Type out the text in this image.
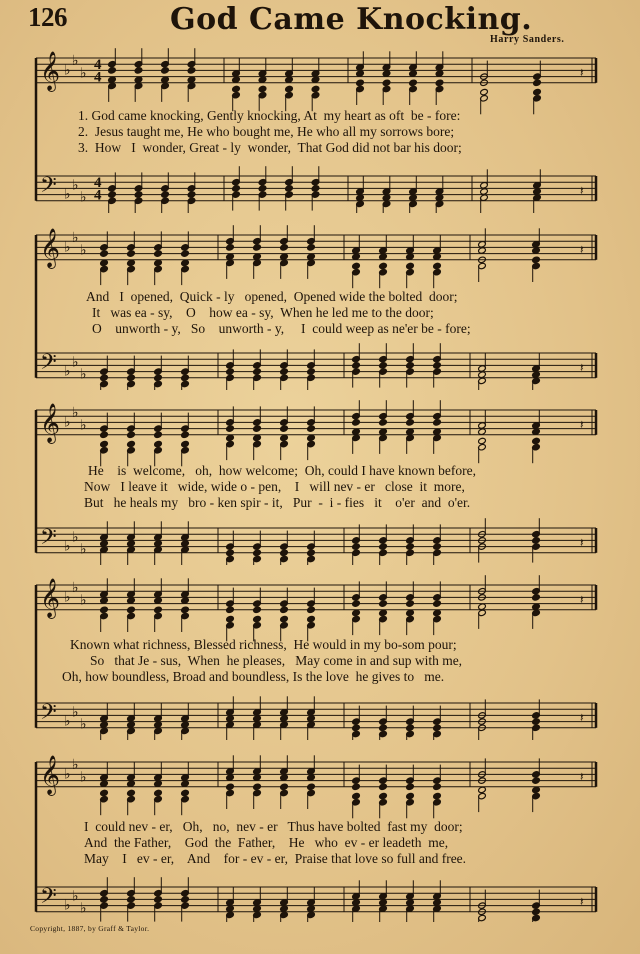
126	God Came Knocking.
Harry Sanders.
𝄞
𝄢
♭
♭
♭
♭
♭
♭
4
4
4
4
𝄽
𝄽
1. God came knocking, Gently knocking, At  my heart as oft  be - fore:
2.  Jesus taught me, He who bought me, He who all my sorrows bore;
3.  How   I  wonder, Great - ly  wonder,  That God did not bar his door;
𝄞
𝄢
♭
♭
♭
♭
♭
♭
𝄽
𝄽
And   I  opened,  Quick - ly   opened,  Opened wide the bolted  door;
It   was ea - sy,    O    how ea - sy,  When he led me to the door;
O    unworth - y,   So    unworth - y,     I  could weep as ne'er be - fore;
𝄞
𝄢
♭
♭
♭
♭
♭
♭
𝄽
𝄽
He    is  welcome,   oh,  how welcome;  Oh, could I have known before,
Now   I leave it   wide, wide o - pen,    I   will nev - er   close  it  more,
But   he heals my   bro - ken spir - it,   Pur  -  i - fies   it    o'er  and  o'er.
𝄞
𝄢
♭
♭
♭
♭
♭
♭
𝄽
𝄽
Known what richness, Blessed richness,  He would in my bo-som pour;
So   that Je - sus,  When  he pleases,   May come in and sup with me,
Oh, how boundless, Broad and boundless, Is the love  he gives to   me.
𝄞
𝄢
♭
♭
♭
♭
♭
♭
𝄽
𝄽
I  could nev - er,   Oh,   no,  nev - er   Thus have bolted  fast my  door;
And  the Father,    God  the  Father,    He   who  ev - er leadeth  me,
May    I   ev - er,    And    for - ev - er,  Praise that love so full and free.
Copyright, 1887, by Graff & Taylor.
